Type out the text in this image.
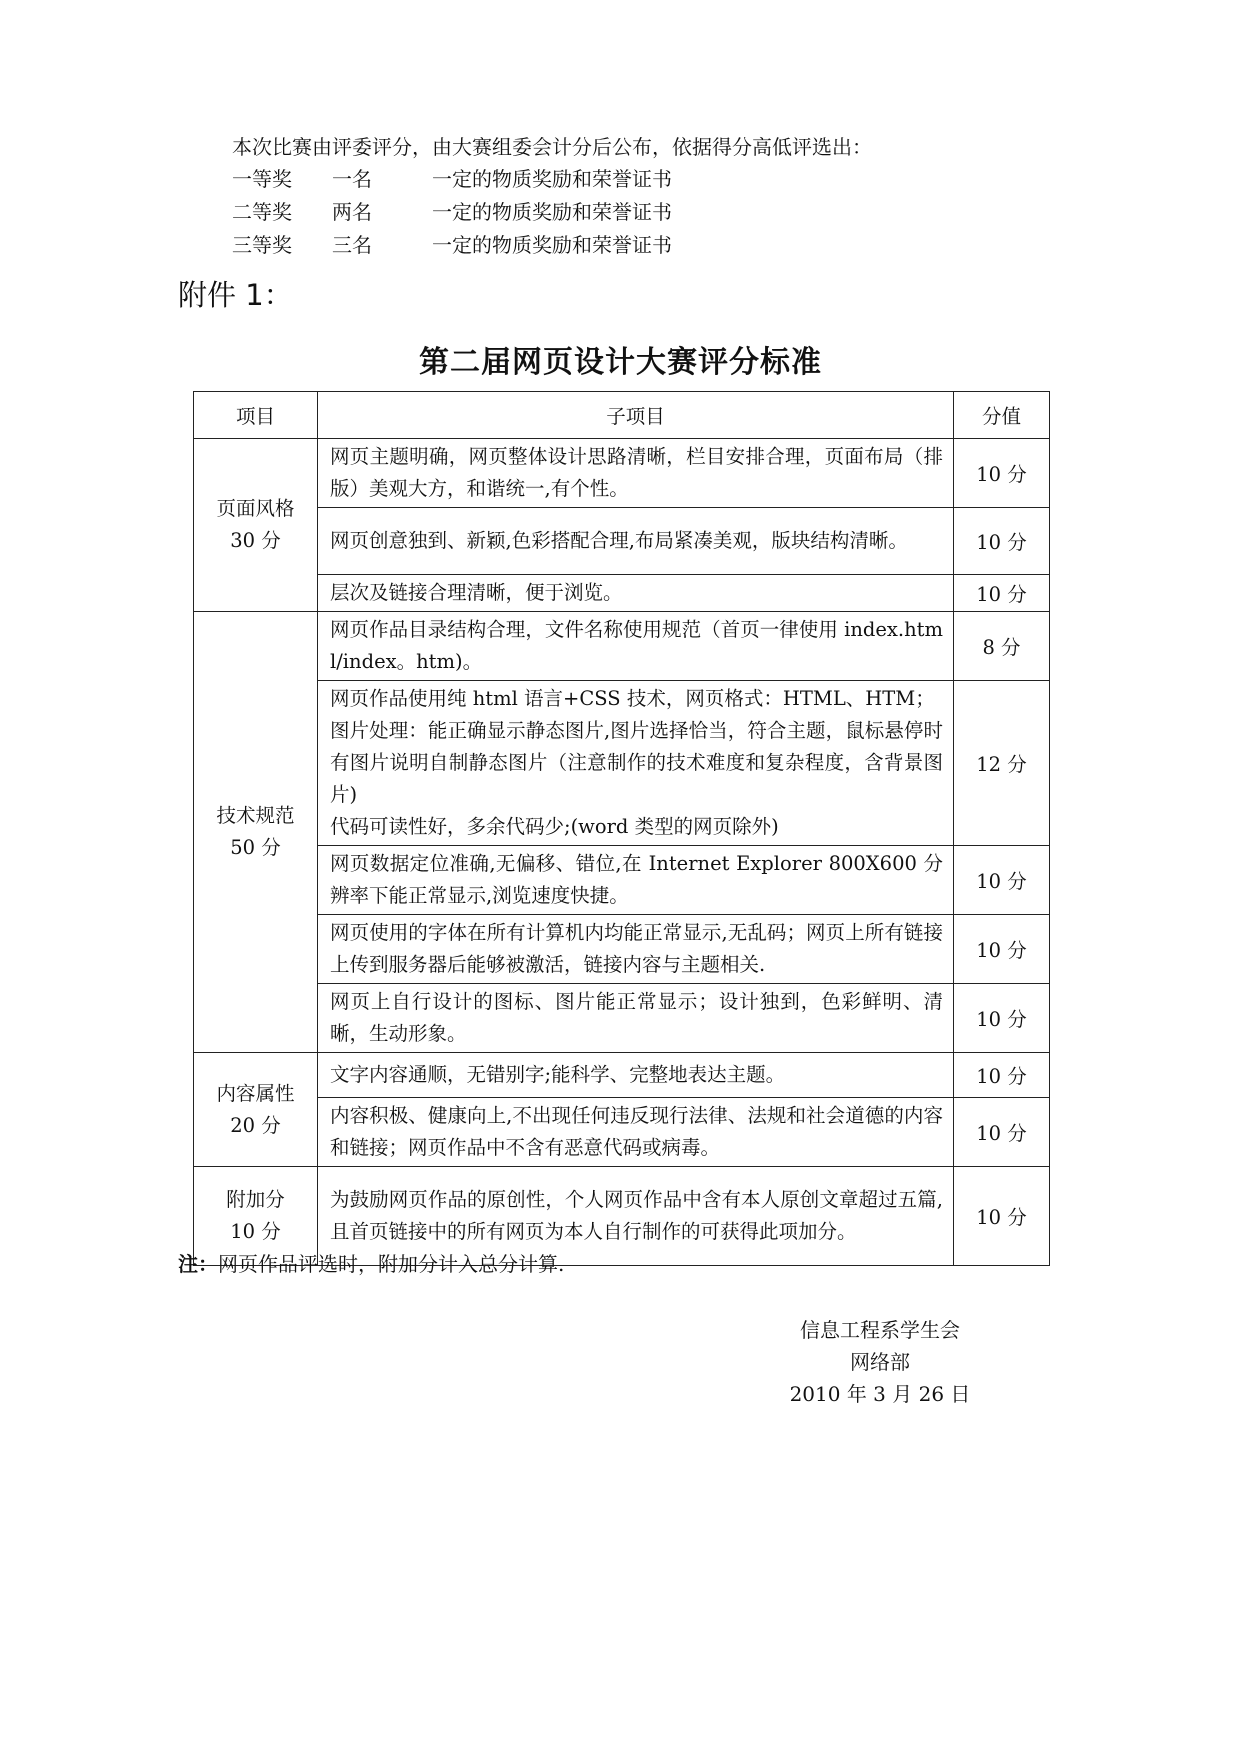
本次比赛由评委评分，由大赛组委会计分后公布，依据得分高低评选出：
一等奖 一名	一定的物质奖励和荣誉证书
二等奖 两名	一定的物质奖励和荣誉证书
三等奖 三名	一定的物质奖励和荣誉证书
附件 1：
第二届网页设计大赛评分标准
项目	子项目	分值

页面风格
30 分	网页主题明确，网页整体设计思路清晰，栏目安排合理，页面布局（排版）美观大方，和谐统一,有个性。	10 分
	网页创意独到、新颖,色彩搭配合理,布局紧凑美观，版块结构清晰。	10 分
	层次及链接合理清晰，便于浏览。	10 分

技术规范
50 分	网页作品目录结构合理，文件名称使用规范（首页一律使用 index.html/index。htm)。	8 分

	网页作品使用纯 html 语言+CSS 技术，网页格式：HTML、HTM；
图片处理：能正确显示静态图片,图片选择恰当，符合主题，鼠标悬停时有图片说明自制静态图片（注意制作的技术难度和复杂程度，含背景图片)
代码可读性好，多余代码少;(word 类型的网页除外)	12 分
	网页数据定位准确,无偏移、错位,在 Internet Explorer 800X600 分辨率下能正常显示,浏览速度快捷。	10 分
	网页使用的字体在所有计算机内均能正常显示,无乱码；网页上所有链接上传到服务器后能够被激活，链接内容与主题相关.	10 分
	网页上自行设计的图标、图片能正常显示；设计独到，色彩鲜明、清晰，生动形象。	10 分

内容属性
20 分	文字内容通顺，无错别字;能科学、完整地表达主题。	10 分
	内容积极、健康向上,不出现任何违反现行法律、法规和社会道德的内容和链接；网页作品中不含有恶意代码或病毒。	10 分

附加分
10 分	为鼓励网页作品的原创性，个人网页作品中含有本人原创文章超过五篇,且首页链接中的所有网页为本人自行制作的可获得此项加分。	10 分
注：网页作品评选时，附加分计入总分计算.
信息工程系学生会
网络部
2010 年 3 月 26 日
